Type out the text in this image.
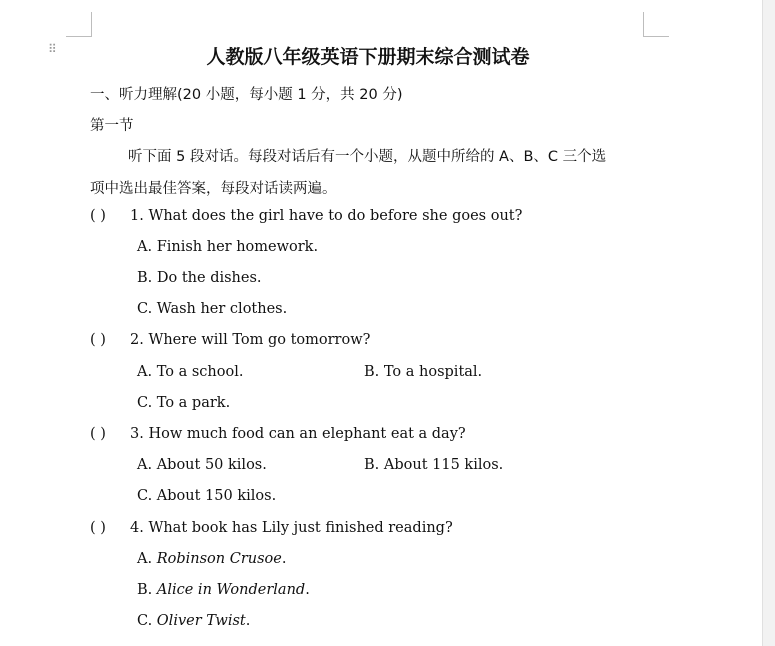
⠿	人教版八年级英语下册期末综合测试卷
一、听力理解(20 小题，每小题 1 分，共 20 分)
第一节
听下面 5 段对话。每段对话后有一个小题，从题中所给的 A、B、C 三个选
项中选出最佳答案，每段对话读两遍。
( ) 1. What does the girl have to do before she goes out?
A. Finish her homework.
B. Do the dishes.
C. Wash her clothes.
( ) 2. Where will Tom go tomorrow?
A. To a school.	B. To a hospital.
C. To a park.
( ) 3. How much food can an elephant eat a day?
A. About 50 kilos.	B. About 115 kilos.
C. About 150 kilos.
( ) 4. What book has Lily just finished reading?
A. Robinson Crusoe.
B. Alice in Wonderland.
C. Oliver Twist.
